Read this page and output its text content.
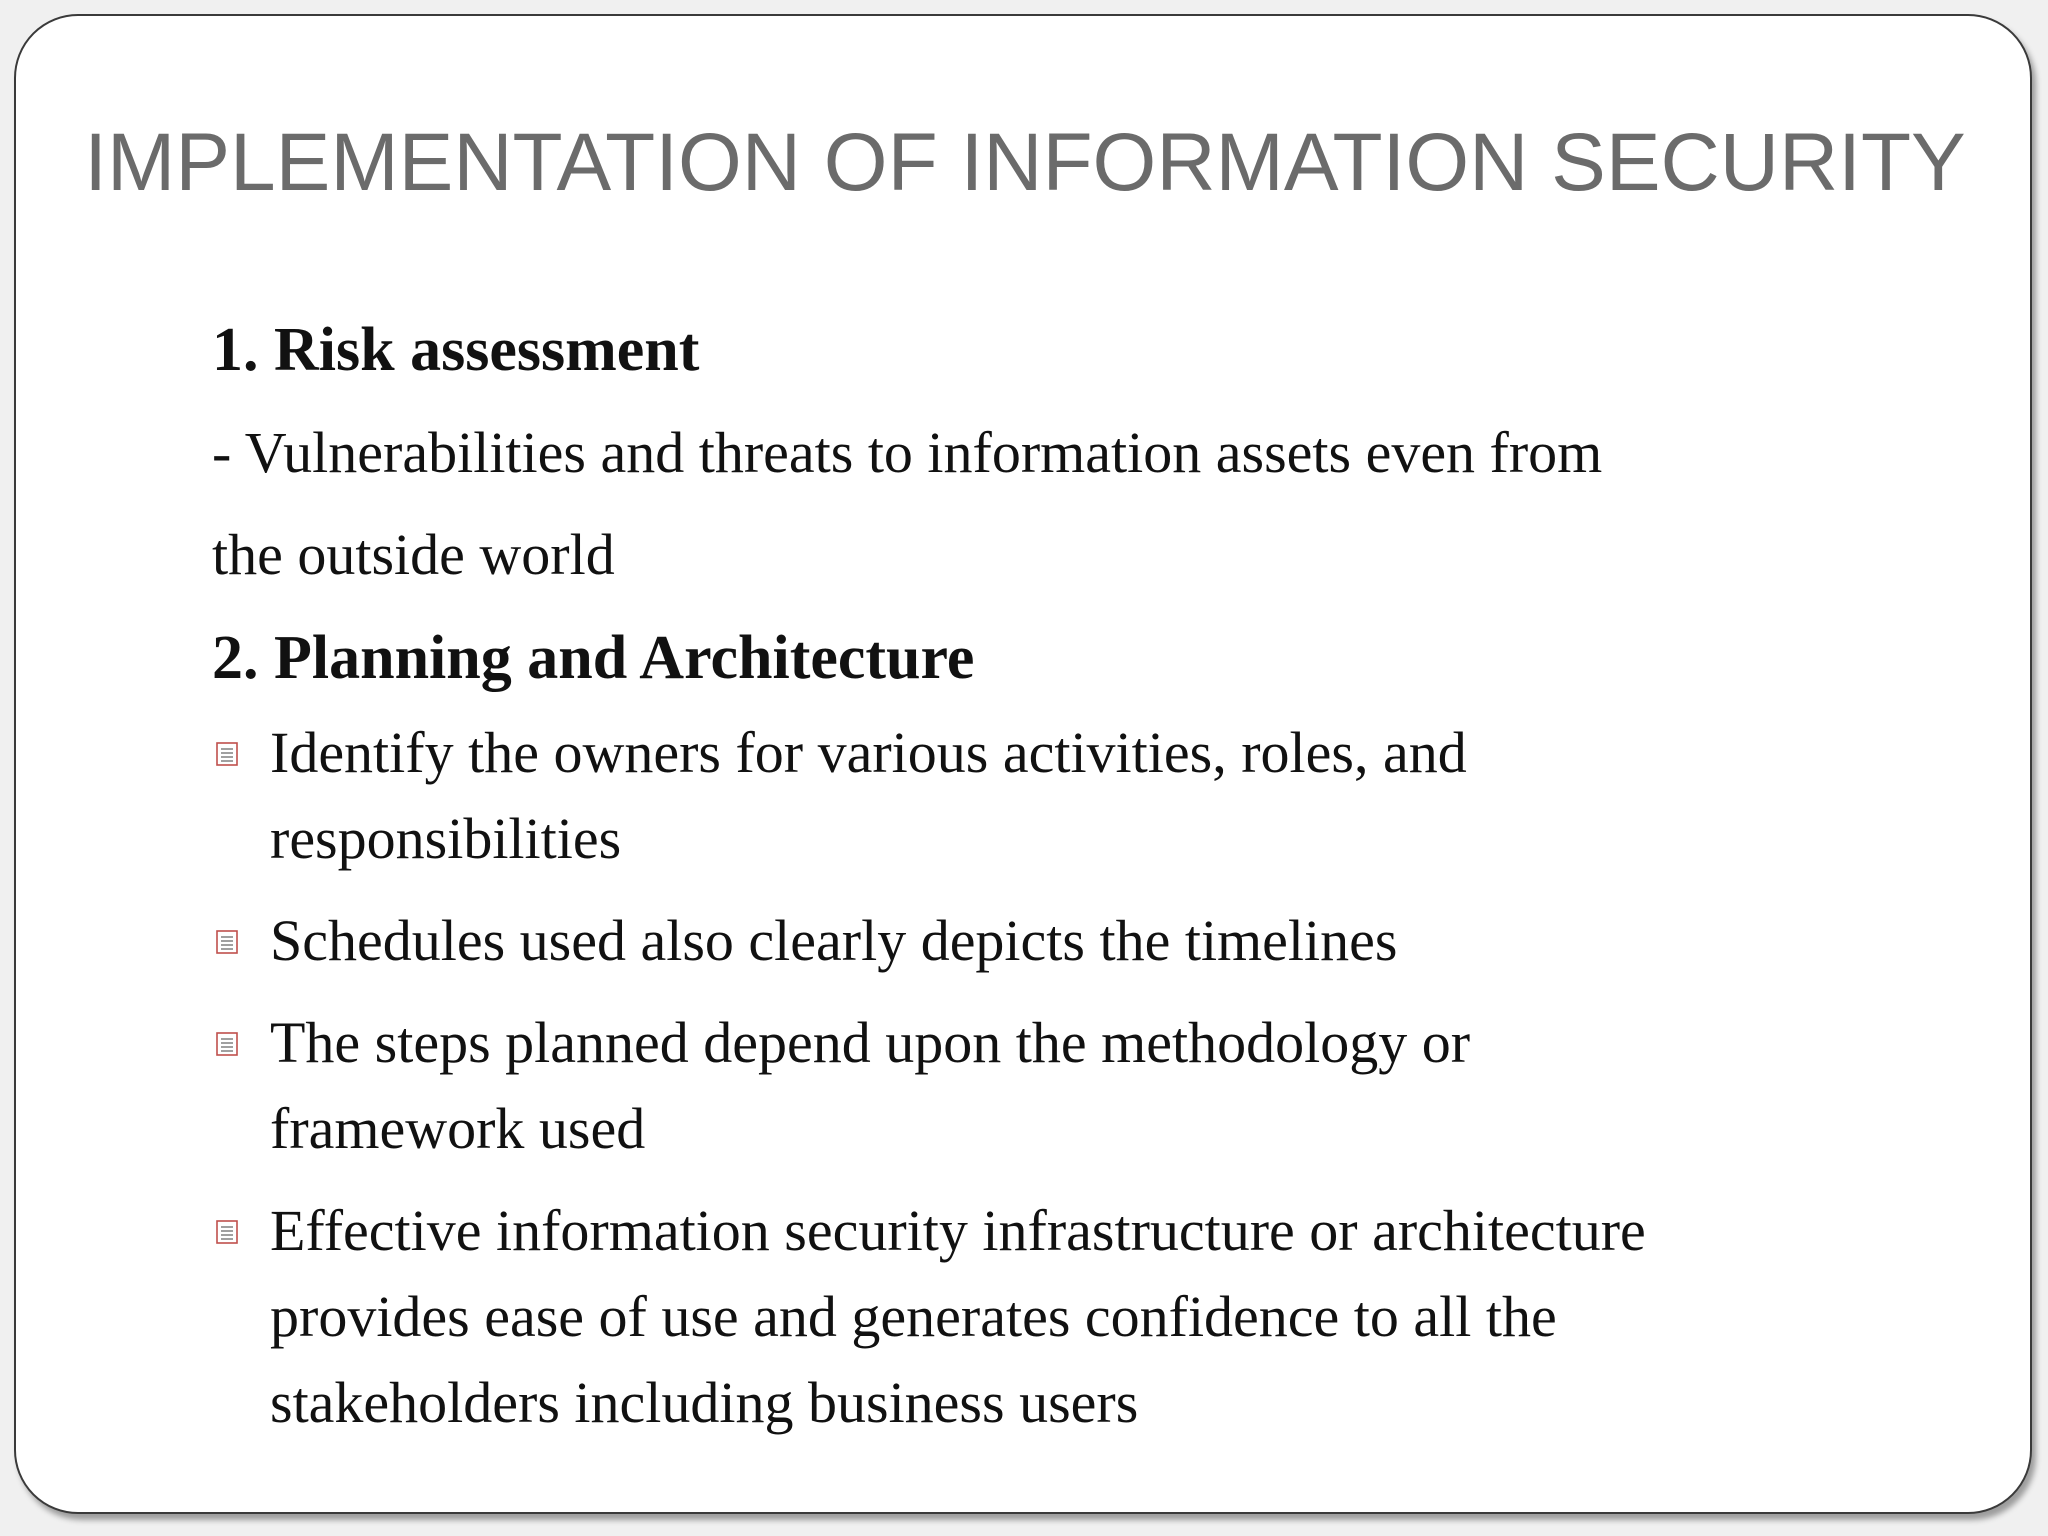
IMPLEMENTATION OF INFORMATION SECURITY

1. Risk assessment

- Vulnerabilities and threats to information assets even from

the outside world

2. Planning and Architecture

Identify the owners for various activities, roles, and
responsibilities
Schedules used also clearly depicts the timelines
The steps planned depend upon the methodology or
framework used
Effective information security infrastructure or architecture
provides ease of use and generates confidence to all the
stakeholders including business users
